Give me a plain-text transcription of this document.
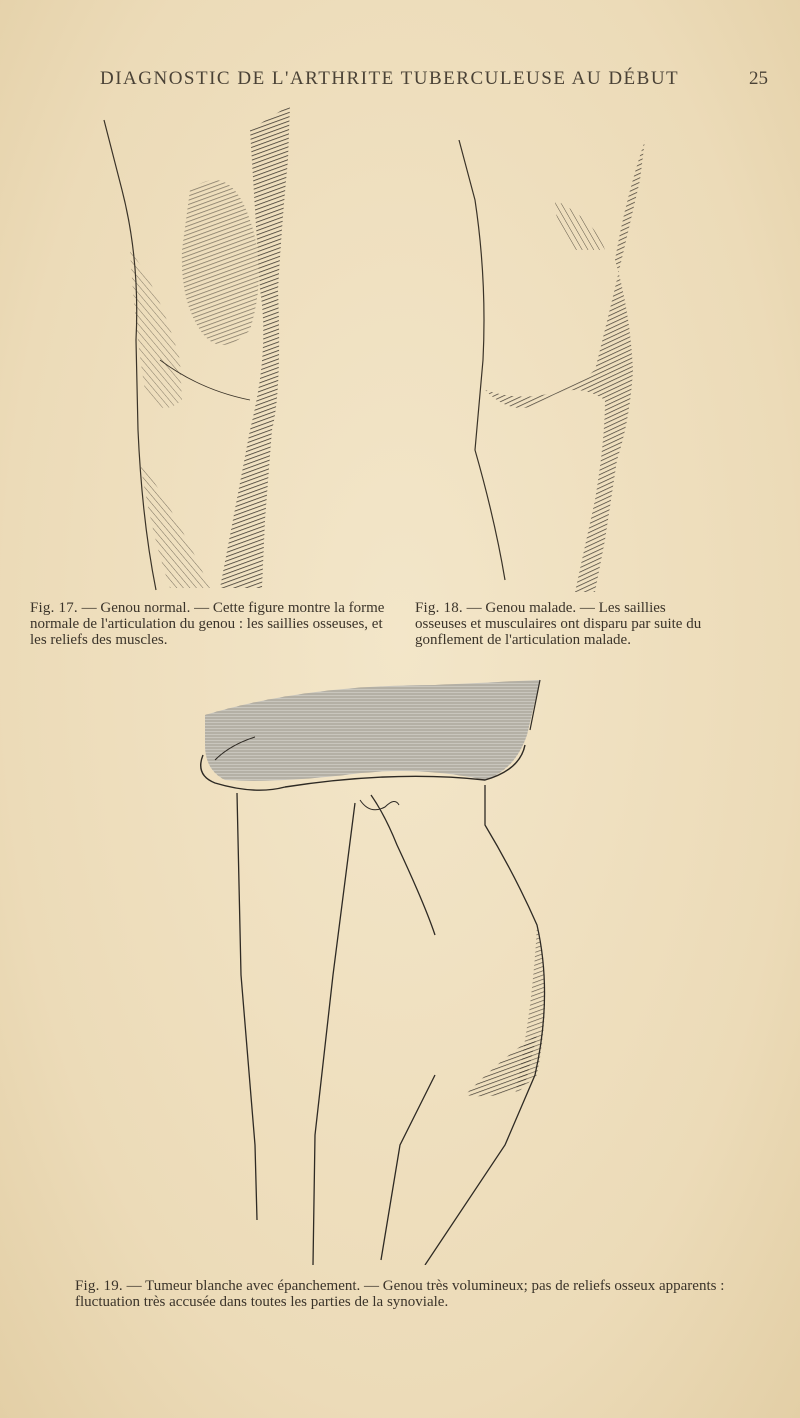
DIAGNOSTIC DE L'ARTHRITE TUBERCULEUSE AU DÉBUT	25
Fig. 17. — Genou normal. — Cette figure montre la forme normale de l'articulation du genou : les saillies osseuses, et les reliefs des muscles.
Fig. 18. — Genou malade. — Les saillies osseuses et musculaires ont disparu par suite du gonflement de l'articulation malade.
Fig. 19. — Tumeur blanche avec épanchement. — Genou très volumineux; pas de reliefs osseux apparents : fluctuation très accusée dans toutes les parties de la synoviale.
